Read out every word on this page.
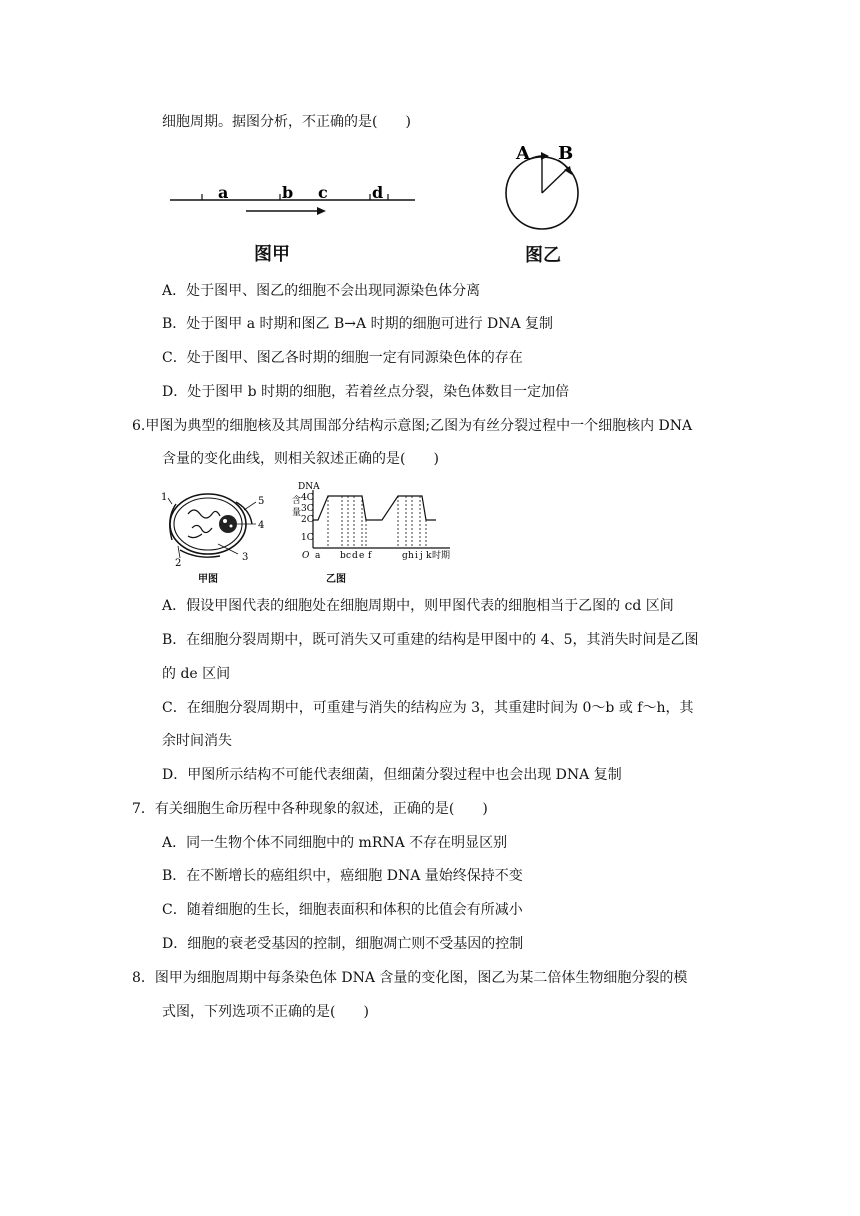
细胞周期。据图分析，不正确的是(　　)
a	b c	d
图甲
A B
图乙
A．处于图甲、图乙的细胞不会出现同源染色体分离
B．处于图甲 a 时期和图乙 B→A 时期的细胞可进行 DNA 复制
C．处于图甲、图乙各时期的细胞一定有同源染色体的存在
D．处于图甲 b 时期的细胞，若着丝点分裂，染色体数目一定加倍
6.甲图为典型的细胞核及其周围部分结构示意图;乙图为有丝分裂过程中一个细胞核内 DNA
含量的变化曲线，则相关叙述正确的是(　　)
1
2
3
4
5
甲图
DNA
含
量
4C
3C
2C
1C
O a b c d e f	g h i j k 时期
乙图
A．假设甲图代表的细胞处在细胞周期中，则甲图代表的细胞相当于乙图的 cd 区间
B．在细胞分裂周期中，既可消失又可重建的结构是甲图中的 4、5，其消失时间是乙图
的 de 区间
C．在细胞分裂周期中，可重建与消失的结构应为 3，其重建时间为 0～b 或 f～h，其
余时间消失
D．甲图所示结构不可能代表细菌，但细菌分裂过程中也会出现 DNA 复制
7．有关细胞生命历程中各种现象的叙述，正确的是(　　)
A．同一生物个体不同细胞中的 mRNA 不存在明显区别
B．在不断增长的癌组织中，癌细胞 DNA 量始终保持不变
C．随着细胞的生长，细胞表面积和体积的比值会有所减小
D．细胞的衰老受基因的控制，细胞凋亡则不受基因的控制
8．图甲为细胞周期中每条染色体 DNA 含量的变化图，图乙为某二倍体生物细胞分裂的模
式图，下列选项不正确的是(　　)
